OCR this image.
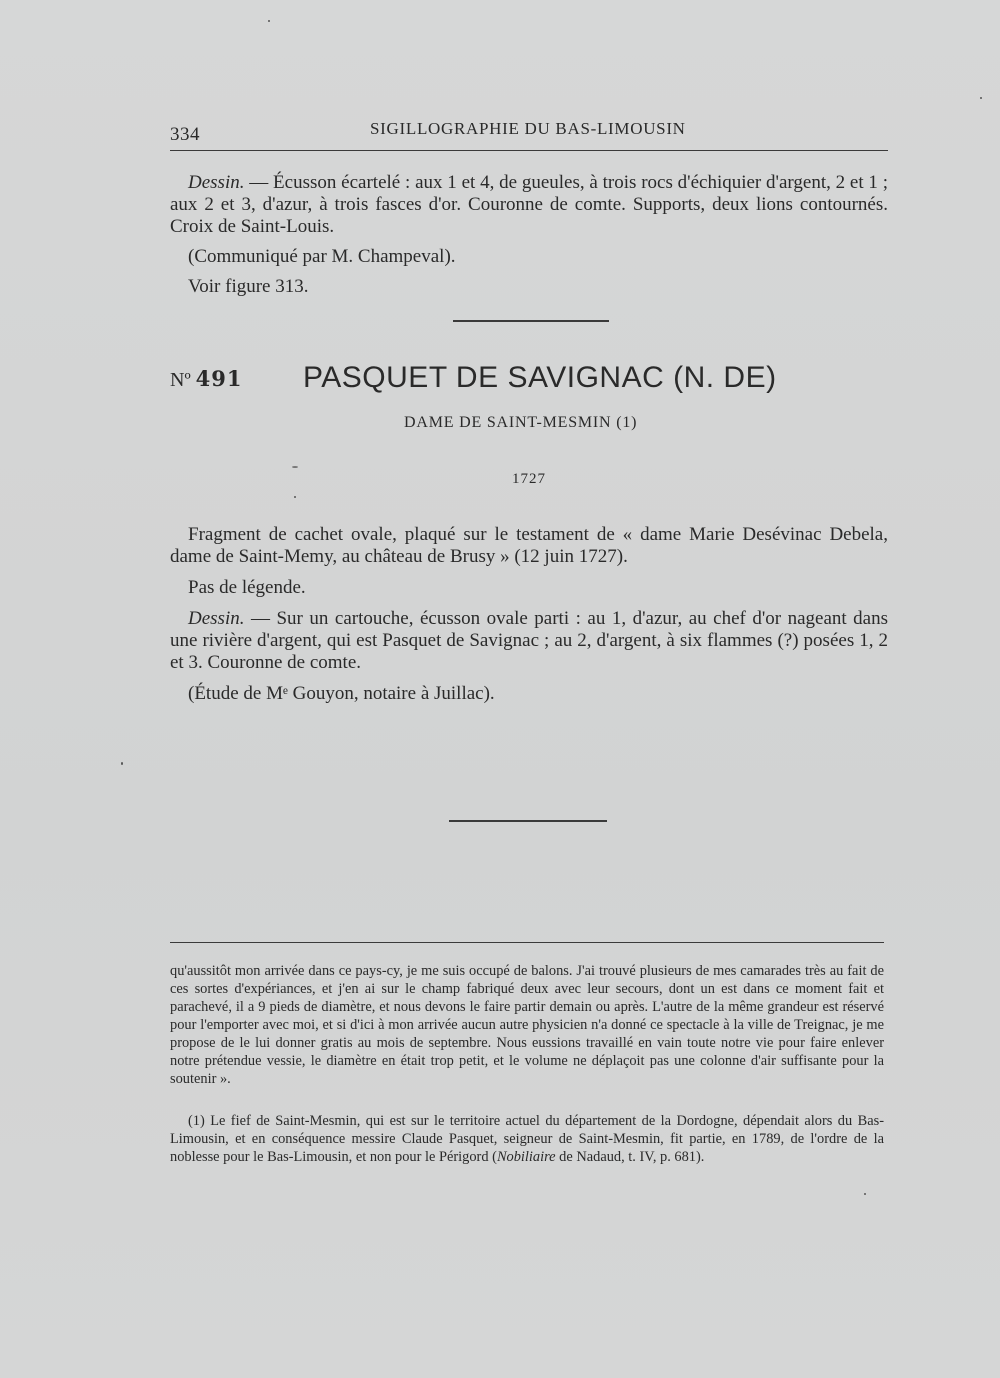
334	SIGILLOGRAPHIE DU BAS-LIMOUSIN
Dessin. — Écusson écartelé : aux 1 et 4, de gueules, à trois rocs d'échiquier d'argent, 2 et 1 ; aux 2 et 3, d'azur, à trois fasces d'or. Couronne de comte. Supports, deux lions contournés. Croix de Saint-Louis.
(Communiqué par M. Champeval).
Voir figure 313.
Nº 491 PASQUET DE SAVIGNAC (N. DE)
DAME DE SAINT-MESMIN (1)
1727
Fragment de cachet ovale, plaqué sur le testament de « dame Marie Desévinac Debela, dame de Saint-Memy, au château de Brusy » (12 juin 1727).
Pas de légende.
Dessin. — Sur un cartouche, écusson ovale parti : au 1, d'azur, au chef d'or nageant dans une rivière d'argent, qui est Pasquet de Savignac ; au 2, d'argent, à six flammes (?) posées 1, 2 et 3. Couronne de comte.
(Étude de Mᵉ Gouyon, notaire à Juillac).
qu'aussitôt mon arrivée dans ce pays-cy, je me suis occupé de balons. J'ai trouvé plusieurs de mes camarades très au fait de ces sortes d'expériances, et j'en ai sur le champ fabriqué deux avec leur secours, dont un est dans ce moment fait et parachevé, il a 9 pieds de diamètre, et nous devons le faire partir demain ou après. L'autre de la même grandeur est réservé pour l'emporter avec moi, et si d'ici à mon arrivée aucun autre physicien n'a donné ce spectacle à la ville de Treignac, je me propose de le lui donner gratis au mois de septembre. Nous eussions travaillé en vain toute notre vie pour faire enlever notre prétendue vessie, le diamètre en était trop petit, et le volume ne déplaçoit pas une colonne d'air suffisante pour la soutenir ».
(1) Le fief de Saint-Mesmin, qui est sur le territoire actuel du département de la Dordogne, dépendait alors du Bas-Limousin, et en conséquence messire Claude Pasquet, seigneur de Saint-Mesmin, fit partie, en 1789, de l'ordre de la noblesse pour le Bas-Limousin, et non pour le Périgord (Nobiliaire de Nadaud, t. IV, p. 681).
